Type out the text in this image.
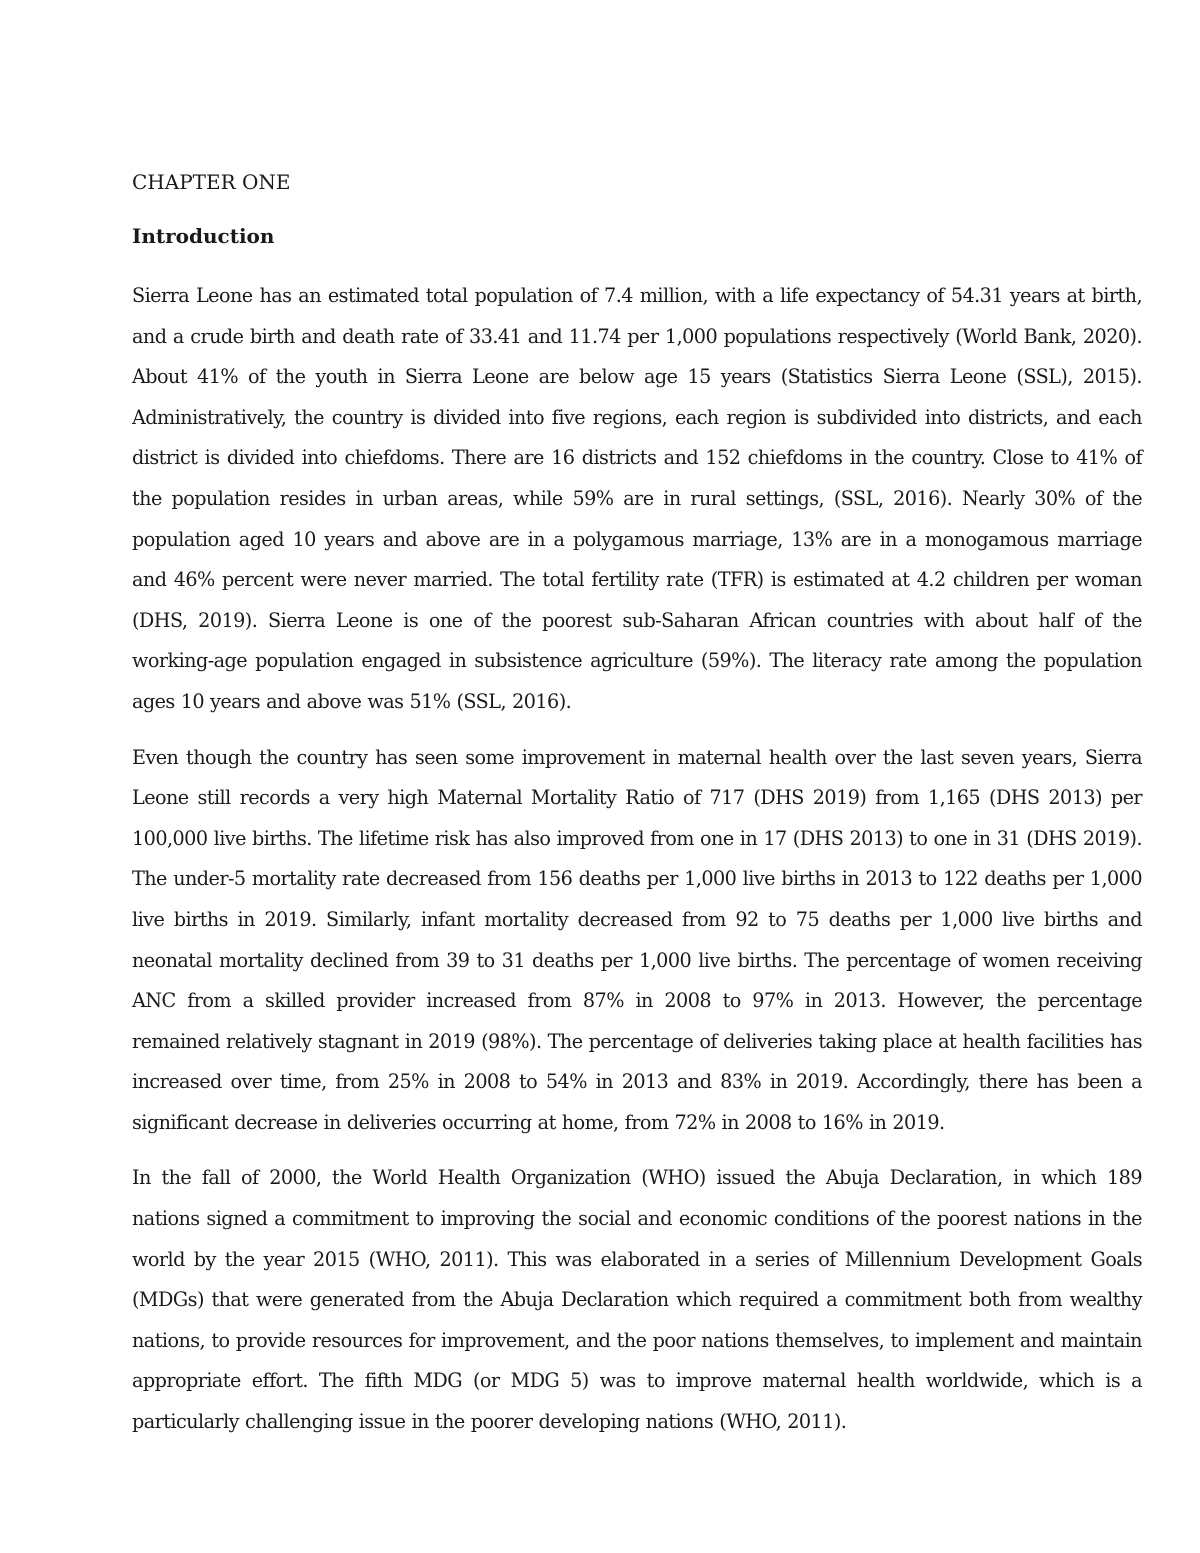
CHAPTER ONE
Introduction

Sierra Leone has an estimated total population of 7.4 million, with a life expectancy of 54.31 years at birth, and a crude birth and death rate of 33.41 and 11.74 per 1,000 populations respectively (World Bank, 2020). About 41% of the youth in Sierra Leone are below age 15 years (Statistics Sierra Leone (SSL), 2015). Administratively, the country is divided into five regions, each region is subdivided into districts, and each district is divided into chiefdoms. There are 16 districts and 152 chiefdoms in the country. Close to 41% of the population resides in urban areas, while 59% are in rural settings, (SSL, 2016). Nearly 30% of the population aged 10 years and above are in a polygamous marriage, 13% are in a monogamous marriage and 46% percent were never married. The total fertility rate (TFR) is estimated at 4.2 children per woman (DHS, 2019). Sierra Leone is one of the poorest sub-Saharan African countries with about half of the working-age population engaged in subsistence agriculture (59%). The literacy rate among the population ages 10 years and above was 51% (SSL, 2016).

Even though the country has seen some improvement in maternal health over the last seven years, Sierra Leone still records a very high Maternal Mortality Ratio of 717 (DHS 2019) from 1,165 (DHS 2013) per 100,000 live births. The lifetime risk has also improved from one in 17 (DHS 2013) to one in 31 (DHS 2019). The under-5 mortality rate decreased from 156 deaths per 1,000 live births in 2013 to 122 deaths per 1,000 live births in 2019. Similarly, infant mortality decreased from 92 to 75 deaths per 1,000 live births and neonatal mortality declined from 39 to 31 deaths per 1,000 live births. The percentage of women receiving ANC from a skilled provider increased from 87% in 2008 to 97% in 2013. However, the percentage remained relatively stagnant in 2019 (98%). The percentage of deliveries taking place at health facilities has increased over time, from 25% in 2008 to 54% in 2013 and 83% in 2019. Accordingly, there has been a significant decrease in deliveries occurring at home, from 72% in 2008 to 16% in 2019.

In the fall of 2000, the World Health Organization (WHO) issued the Abuja Declaration, in which 189 nations signed a commitment to improving the social and economic conditions of the poorest nations in the world by the year 2015 (WHO, 2011). This was elaborated in a series of Millennium Development Goals (MDGs) that were generated from the Abuja Declaration which required a commitment both from wealthy nations, to provide resources for improvement, and the poor nations themselves, to implement and maintain appropriate effort. The fifth MDG (or MDG 5) was to improve maternal health worldwide, which is a particularly challenging issue in the poorer developing nations (WHO, 2011).
